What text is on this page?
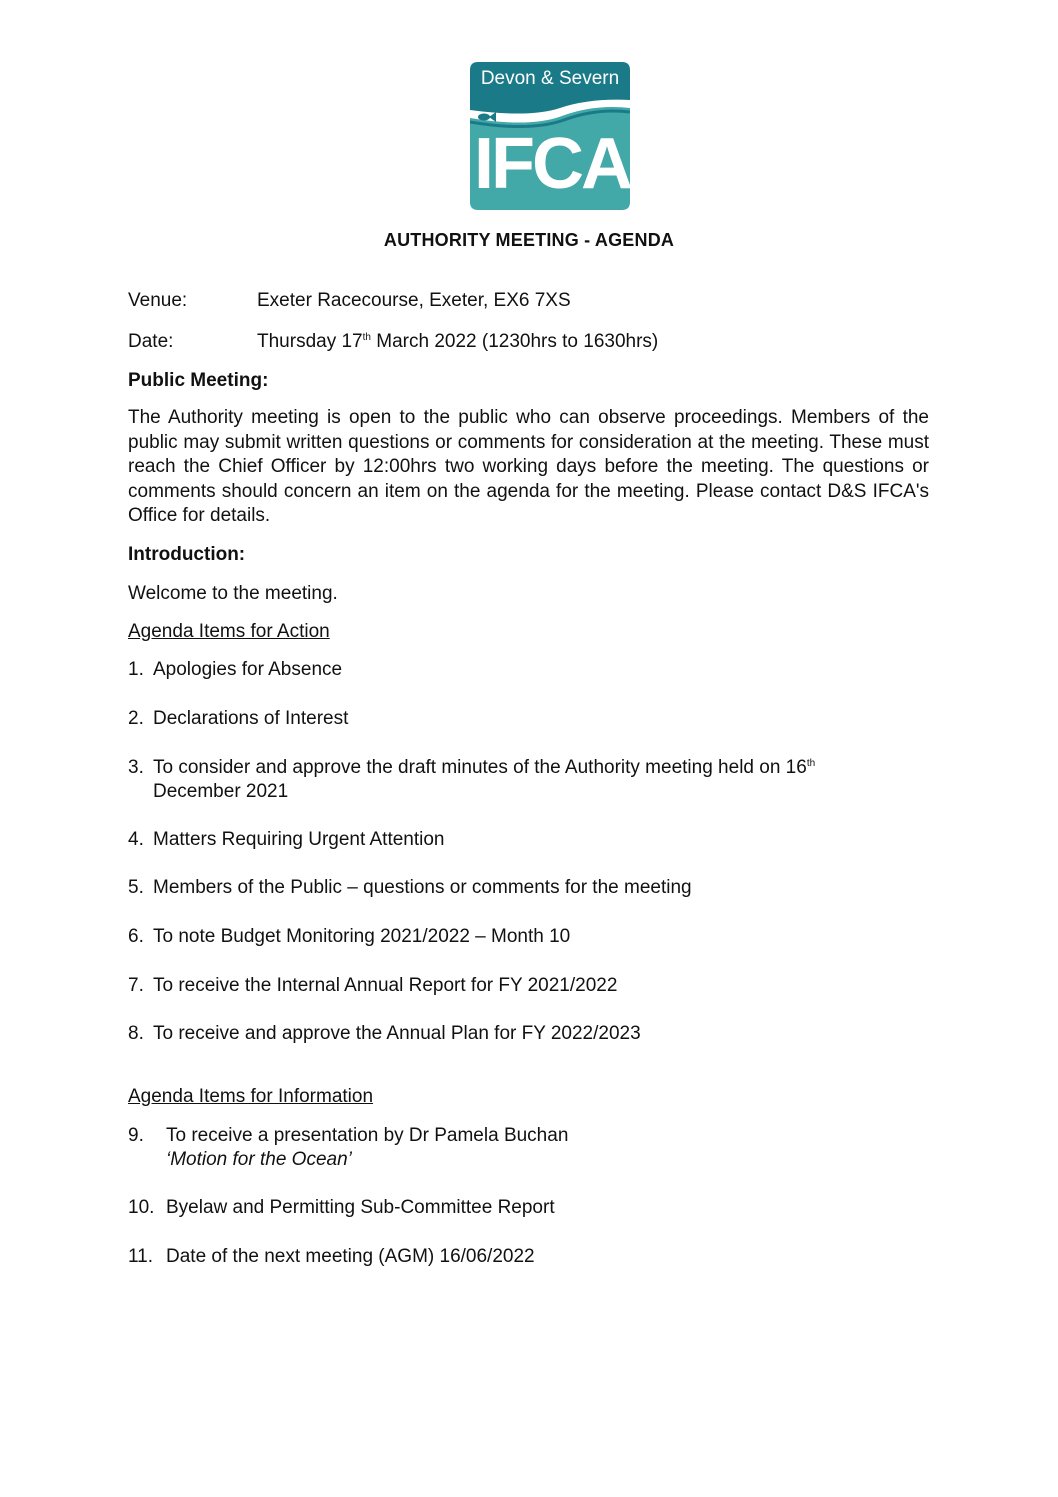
Devon & Severn
IFCA
AUTHORITY MEETING - AGENDA
Venue:	Exeter Racecourse, Exeter, EX6 7XS
Date:	Thursday 17th March 2022 (1230hrs to 1630hrs)
Public Meeting:
The Authority meeting is open to the public who can observe proceedings. Members of the public may submit written questions or comments for consideration at the meeting. These must reach the Chief Officer by 12:00hrs two working days before the meeting. The questions or comments should concern an item on the agenda for the meeting. Please contact D&S IFCA's Office for details.
Introduction:
Welcome to the meeting.
Agenda Items for Action
1. Apologies for Absence
2. Declarations of Interest
3. To consider and approve the draft minutes of the Authority meeting held on 16th
December 2021
4. Matters Requiring Urgent Attention
5. Members of the Public – questions or comments for the meeting
6. To note Budget Monitoring 2021/2022 – Month 10
7. To receive the Internal Annual Report for FY 2021/2022
8. To receive and approve the Annual Plan for FY 2022/2023
Agenda Items for Information
9. To receive a presentation by Dr Pamela Buchan
‘Motion for the Ocean’
10. Byelaw and Permitting Sub-Committee Report
11. Date of the next meeting (AGM) 16/06/2022
